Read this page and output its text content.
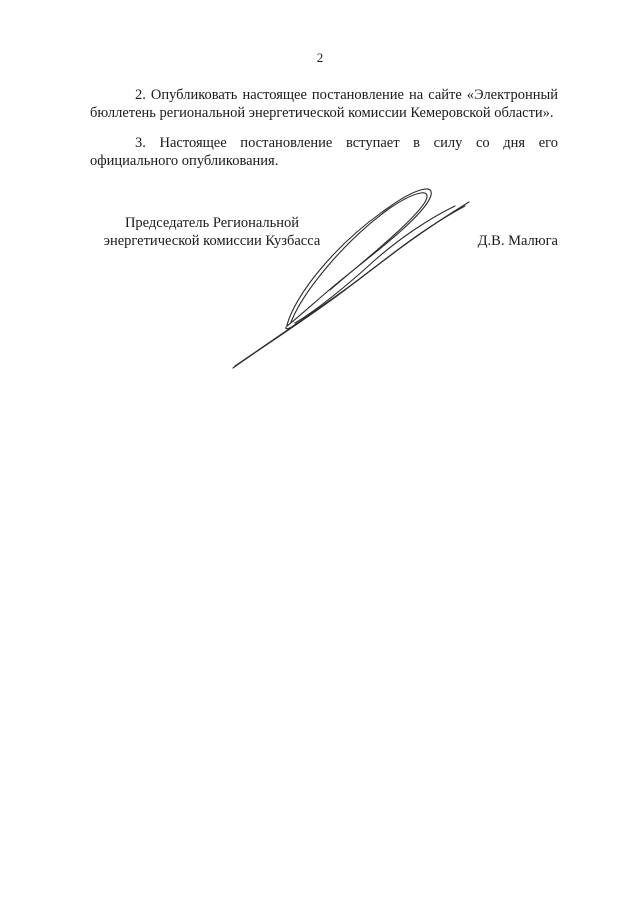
2

2. Опубликовать настоящее постановление на сайте «Электронный бюллетень региональной энергетической комиссии Кемеровской области».

3. Настоящее постановление вступает в силу со дня его официального опубликования.

Председатель Региональной
энергетической комиссии Кузбасса	Д.В. Малюга
